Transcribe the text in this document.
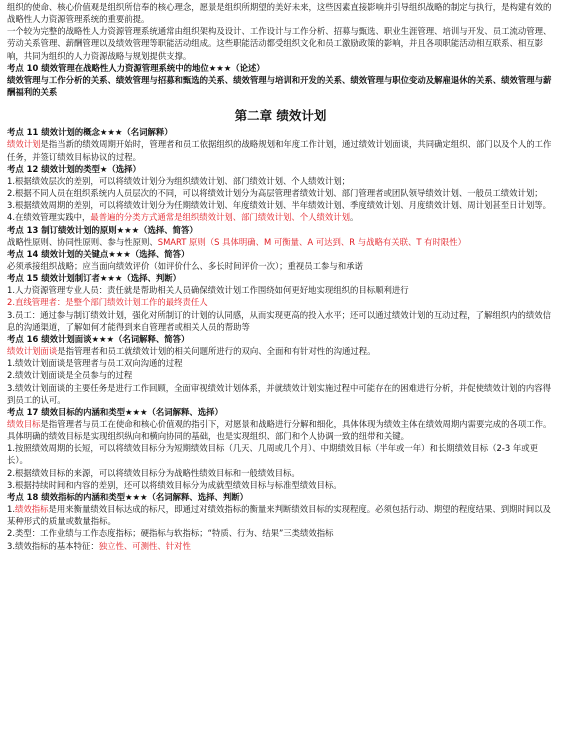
组织的使命、核心价值观是组织所信奉的核心理念，愿景是组织所期望的美好未来，这些因素直接影响并引导组织战略的制定与执行，是构建有效的战略性人力资源管理系统的重要前提。

一个较为完整的战略性人力资源管理系统通常由组织架构及设计、工作设计与工作分析、招募与甄选、职业生涯管理、培训与开发、员工流动管理、劳动关系管理、薪酬管理以及绩效管理等职能活动组成。这些职能活动都受组织文化和员工激励政策的影响，并且各项职能活动相互联系、相互影响，共同为组织的人力资源战略与规划提供支撑。

考点 10 绩效管理在战略性人力资源管理系统中的地位★★★（论述）

绩效管理与工作分析的关系、绩效管理与招募和甄选的关系、绩效管理与培训和开发的关系、绩效管理与职位变动及解雇退休的关系、绩效管理与薪酬福利的关系

第二章 绩效计划

考点 11 绩效计划的概念★★★（名词解释）

绩效计划是指当新的绩效周期开始时，管理者和员工依据组织的战略规划和年度工作计划，通过绩效计划面谈，共同确定组织、部门以及个人的工作任务，并签订绩效目标协议的过程。

考点 12 绩效计划的类型★（选择）

1.根据绩效层次的差别，可以将绩效计划分为组织绩效计划、部门绩效计划、个人绩效计划；

2.根据不同人员在组织系统内人员层次的不同，可以将绩效计划分为高层管理者绩效计划、部门管理者或团队领导绩效计划、一般员工绩效计划；

3.根据绩效周期的差别，可以将绩效计划分为任期绩效计划、年度绩效计划、半年绩效计划、季度绩效计划、月度绩效计划、周计划甚至日计划等。

4.在绩效管理实践中，最普遍的分类方式通常是组织绩效计划、部门绩效计划、个人绩效计划。

考点 13 制订绩效计划的原则★★★（选择、简答）

战略性原则、协同性原则、参与性原则、SMART 原则（S 具体明确、M 可衡量、A 可达到、R 与战略有关联、T 有时限性）

考点 14 绩效计划的关键点★★★（选择、简答）

必须承接组织战略；应当面向绩效评价（如评价什么、多长时间评价一次）；重视员工参与和承诺

考点 15 绩效计划制订者★★★（选择、判断）

1.人力资源管理专业人员：责任就是帮助相关人员确保绩效计划工作围绕如何更好地实现组织的目标顺利进行

2.直线管理者：是整个部门绩效计划工作的最终责任人

3.员工：通过参与制订绩效计划，强化对所制订的计划的认同感，从而实现更高的投入水平；还可以通过绩效计划的互动过程，了解组织内的绩效信息的沟通渠道，了解如何才能得到来自管理者或相关人员的帮助等

考点 16 绩效计划面谈★★★（名词解释、简答）

绩效计划面谈是指管理者和员工就绩效计划的相关问题所进行的双向、全面和有针对性的沟通过程。

1.绩效计划面谈是管理者与员工双向沟通的过程

2.绩效计划面谈是全员参与的过程

3.绩效计划面谈的主要任务是进行工作回顾，全面审视绩效计划体系，并就绩效计划实施过程中可能存在的困难进行分析，并促使绩效计划的内容得到员工的认可。

考点 17 绩效目标的内涵和类型★★★（名词解释、选择）

绩效目标是指管理者与员工在使命和核心价值观的指引下，对愿景和战略进行分解和细化，具体体现为绩效主体在绩效周期内需要完成的各项工作。具体明确的绩效目标是实现组织纵向和横向协同的基础，也是实现组织、部门和个人协调一致的纽带和关键。

1.按照绩效周期的长短，可以将绩效目标分为短期绩效目标（几天、几周或几个月）、中期绩效目标（半年或一年）和长期绩效目标（2-3 年或更长）。

2.根据绩效目标的来源，可以将绩效目标分为战略性绩效目标和一般绩效目标。

3.根据持续时间和内容的差别，还可以将绩效目标分为成就型绩效目标与标准型绩效目标。

考点 18 绩效指标的内涵和类型★★★（名词解释、选择、判断）

1.绩效指标是用来衡量绩效目标达成的标尺，即通过对绩效指标的衡量来判断绩效目标的实现程度。必须包括行动、期望的程度结果、到期时间以及某种形式的质量或数量指标。

2.类型：工作业绩与工作态度指标；硬指标与软指标；“特质、行为、结果”三类绩效指标

3.绩效指标的基本特征：独立性、可测性、针对性
